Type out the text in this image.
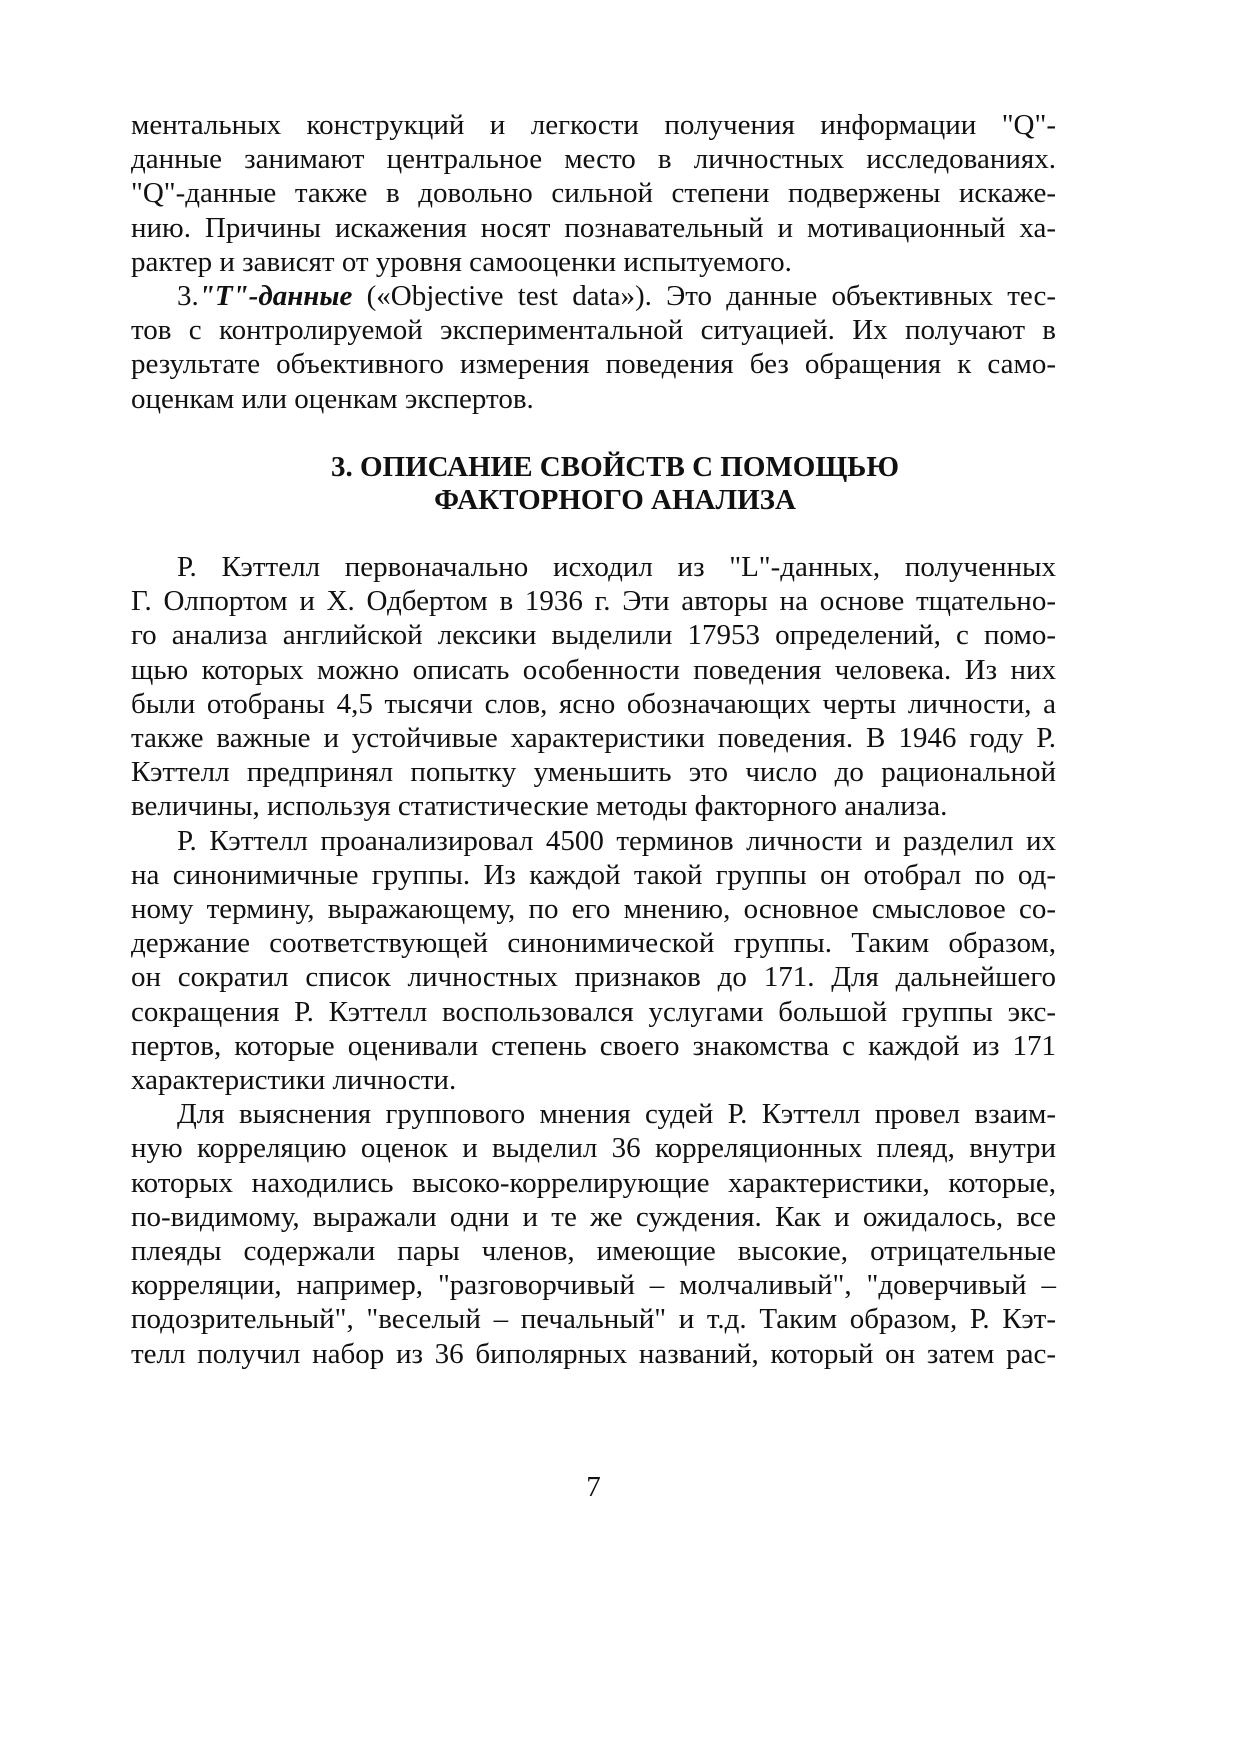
ментальных конструкций и легкости получения информации "Q"-
данные занимают центральное место в личностных исследованиях.
"Q"-данные также в довольно сильной степени подвержены искаже-
нию. Причины искажения носят познавательный и мотивационный ха-
рактер и зависят от уровня самооценки испытуемого.
3."T"-данные («Objective test data»). Это данные объективных тес-
тов с контролируемой экспериментальной ситуацией. Их получают в
результате объективного измерения поведения без обращения к само-
оценкам или оценкам экспертов.
3. ОПИСАНИЕ СВОЙСТВ С ПОМОЩЬЮ
ФАКТОРНОГО АНАЛИЗА
Р. Кэттелл первоначально исходил из "L"-данных, полученных
Г. Олпортом и Х. Одбертом в 1936 г. Эти авторы на основе тщательно-
го анализа английской лексики выделили 17953 определений, с помо-
щью которых можно описать особенности поведения человека. Из них
были отобраны 4,5 тысячи слов, ясно обозначающих черты личности, а
также важные и устойчивые характеристики поведения. В 1946 году Р.
Кэттелл предпринял попытку уменьшить это число до рациональной
величины, используя статистические методы факторного анализа.
Р. Кэттелл проанализировал 4500 терминов личности и разделил их
на синонимичные группы. Из каждой такой группы он отобрал по од-
ному термину, выражающему, по его мнению, основное смысловое со-
держание соответствующей синонимической группы. Таким образом,
он сократил список личностных признаков до 171. Для дальнейшего
сокращения Р. Кэттелл воспользовался услугами большой группы экс-
пертов, которые оценивали степень своего знакомства с каждой из 171
характеристики личности.
Для выяснения группового мнения судей Р. Кэттелл провел взаим-
ную корреляцию оценок и выделил 36 корреляционных плеяд, внутри
которых находились высоко-коррелирующие характеристики, которые,
по-видимому, выражали одни и те же суждения. Как и ожидалось, все
плеяды содержали пары членов, имеющие высокие, отрицательные
корреляции, например, "разговорчивый – молчаливый", "доверчивый –
подозрительный", "веселый – печальный" и т.д. Таким образом, Р. Кэт-
телл получил набор из 36 биполярных названий, который он затем рас-
7
